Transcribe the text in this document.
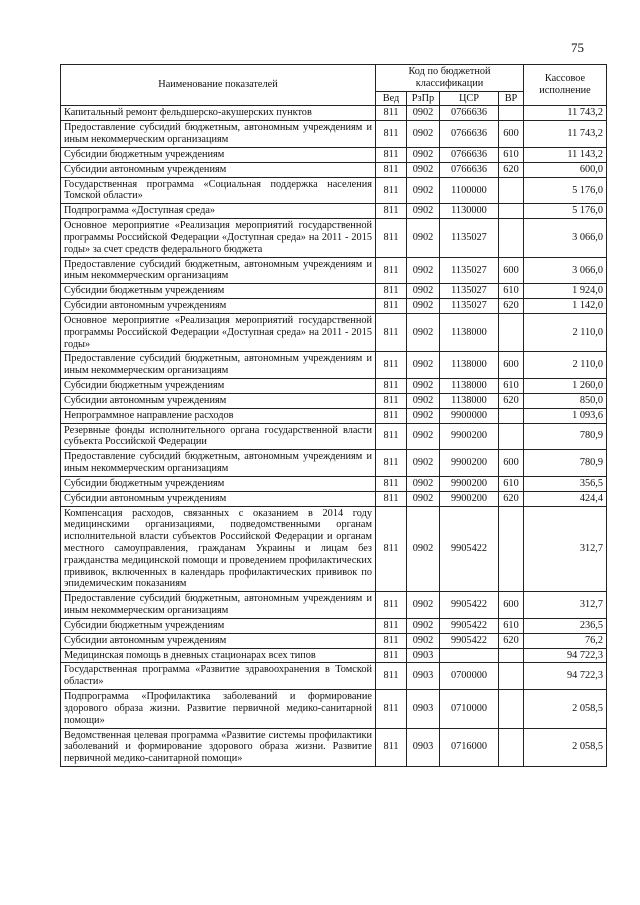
75
Наименование показателей	Код по бюджетной классификации				Кассовое исполнение
	Вед	РзПр	ЦСР	ВР	
Капитальный ремонт фельдшерско-акушерских пунктов	811	0902	0766636		11 743,2
Предоставление субсидий бюджетным, автономным учреждениям и иным некоммерческим организациям	811	0902	0766636	600	11 743,2
Субсидии бюджетным учреждениям	811	0902	0766636	610	11 143,2
Субсидии автономным учреждениям	811	0902	0766636	620	600,0
Государственная программа «Социальная поддержка населения Томской области»	811	0902	1100000		5 176,0
Подпрограмма «Доступная среда»	811	0902	1130000		5 176,0
Основное мероприятие «Реализация мероприятий государственной программы Российской Федерации «Доступная среда» на 2011 - 2015 годы» за счет средств федерального бюджета	811	0902	1135027		3 066,0
Предоставление субсидий бюджетным, автономным учреждениям и иным некоммерческим организациям	811	0902	1135027	600	3 066,0
Субсидии бюджетным учреждениям	811	0902	1135027	610	1 924,0
Субсидии автономным учреждениям	811	0902	1135027	620	1 142,0
Основное мероприятие «Реализация мероприятий государственной программы Российской Федерации «Доступная среда» на 2011 - 2015 годы»	811	0902	1138000		2 110,0
Предоставление субсидий бюджетным, автономным учреждениям и иным некоммерческим организациям	811	0902	1138000	600	2 110,0
Субсидии бюджетным учреждениям	811	0902	1138000	610	1 260,0
Субсидии автономным учреждениям	811	0902	1138000	620	850,0
Непрограммное направление расходов	811	0902	9900000		1 093,6
Резервные фонды исполнительного органа государственной власти субъекта Российской Федерации	811	0902	9900200		780,9
Предоставление субсидий бюджетным, автономным учреждениям и иным некоммерческим организациям	811	0902	9900200	600	780,9
Субсидии бюджетным учреждениям	811	0902	9900200	610	356,5
Субсидии автономным учреждениям	811	0902	9900200	620	424,4
Компенсация расходов, связанных с оказанием в 2014 году медицинскими организациями, подведомственными органам исполнительной власти субъектов Российской Федерации и органам местного самоуправления, гражданам Украины и лицам без гражданства медицинской помощи и проведением профилактических прививок, включенных в календарь профилактических прививок по эпидемическим показаниям	811	0902	9905422		312,7
Предоставление субсидий бюджетным, автономным учреждениям и иным некоммерческим организациям	811	0902	9905422	600	312,7
Субсидии бюджетным учреждениям	811	0902	9905422	610	236,5
Субсидии автономным учреждениям	811	0902	9905422	620	76,2
Медицинская помощь в дневных стационарах всех типов	811	0903			94 722,3
Государственная программа «Развитие здравоохранения в Томской области»	811	0903	0700000		94 722,3
Подпрограмма «Профилактика заболеваний и формирование здорового образа жизни. Развитие первичной медико-санитарной помощи»	811	0903	0710000		2 058,5
Ведомственная целевая программа «Развитие системы профилактики заболеваний и формирование здорового образа жизни. Развитие первичной медико-санитарной помощи»	811	0903	0716000		2 058,5
